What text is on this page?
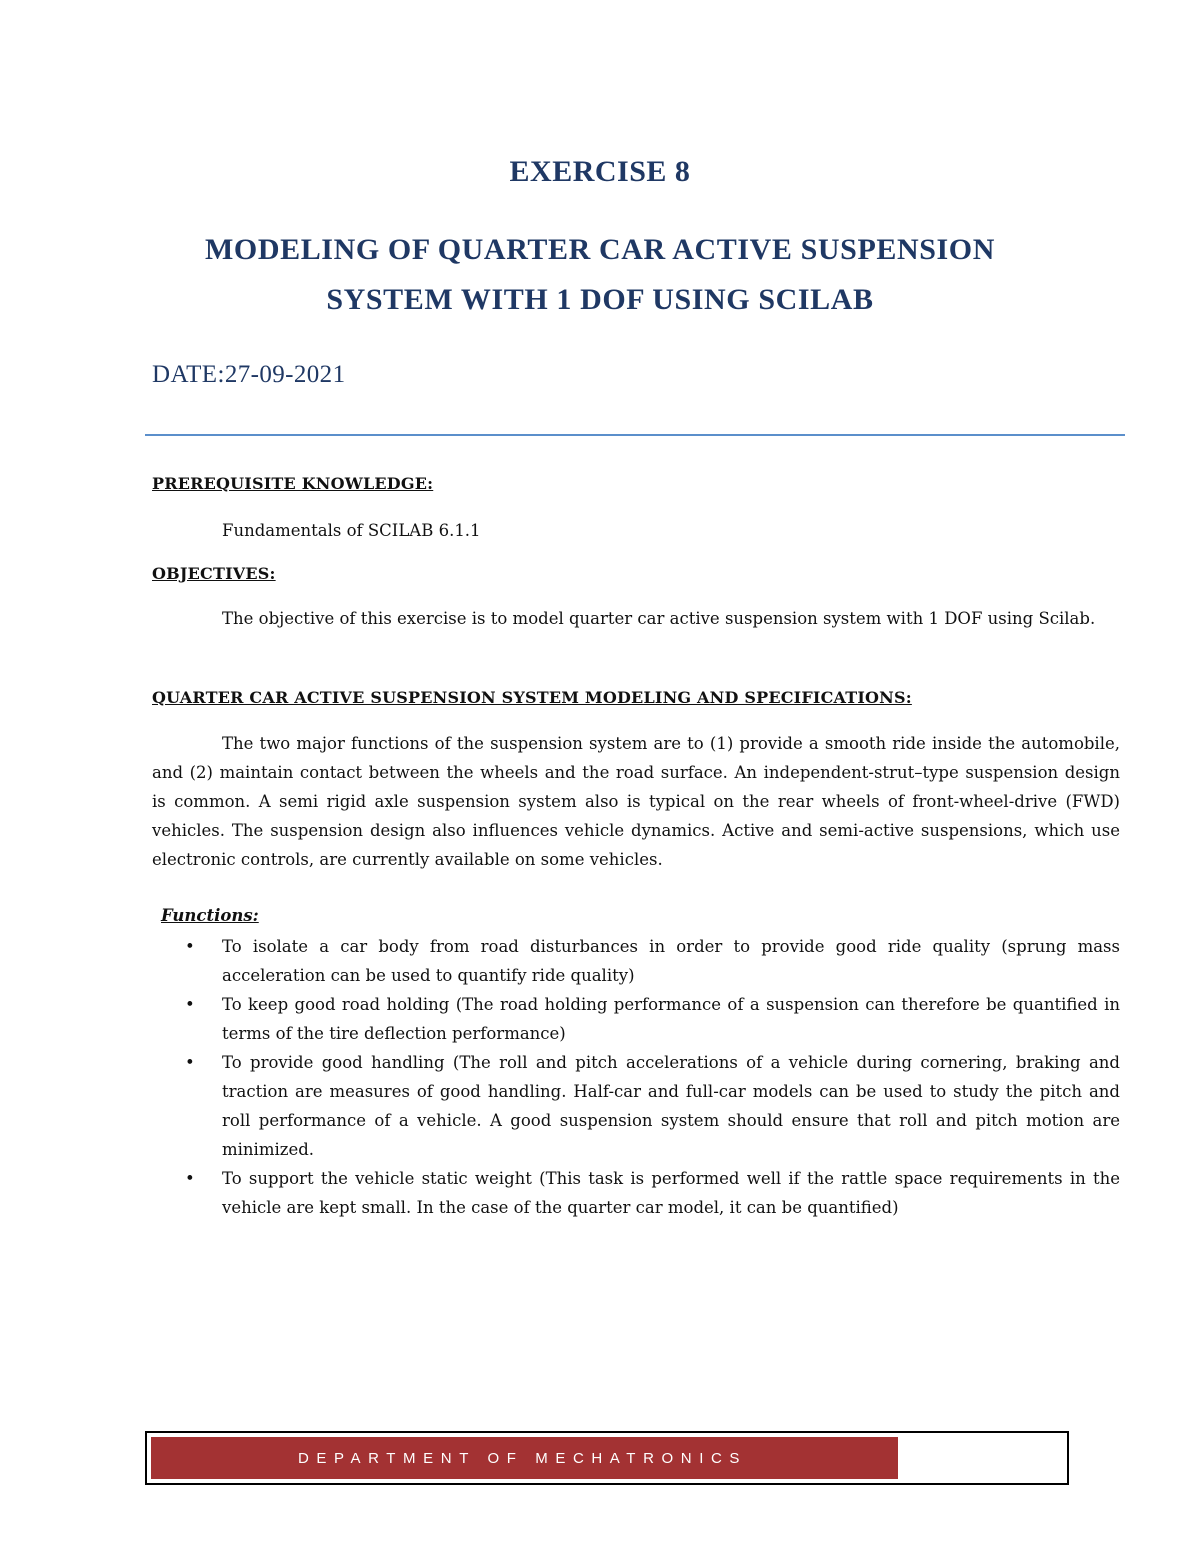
EXERCISE 8
MODELING OF QUARTER CAR ACTIVE SUSPENSION
SYSTEM WITH 1 DOF USING SCILAB
DATE:27-09-2021
PREREQUISITE KNOWLEDGE:

Fundamentals of SCILAB 6.1.1

OBJECTIVES:

The objective of this exercise is to model quarter car active suspension system with 1 DOF using Scilab.

QUARTER CAR ACTIVE SUSPENSION SYSTEM MODELING AND SPECIFICATIONS:

The two major functions of the suspension system are to (1) provide a smooth ride inside the automobile, and (2) maintain contact between the wheels and the road surface. An independent-strut–type suspension design is common. A semi rigid axle suspension system also is typical on the rear wheels of front-wheel-drive (FWD) vehicles. The suspension design also influences vehicle dynamics. Active and semi-active suspensions, which use electronic controls, are currently available on some vehicles.

Functions:
• To isolate a car body from road disturbances in order to provide good ride quality (sprung mass acceleration can be used to quantify ride quality)
• To keep good road holding (The road holding performance of a suspension can therefore be quantified in terms of the tire deflection performance)
• To provide good handling (The roll and pitch accelerations of a vehicle during cornering, braking and traction are measures of good handling. Half-car and full-car models can be used to study the pitch and roll performance of a vehicle. A good suspension system should ensure that roll and pitch motion are minimized.
• To support the vehicle static weight (This task is performed well if the rattle space requirements in the vehicle are kept small. In the case of the quarter car model, it can be quantified)
DEPARTMENT OF MECHATRONICS
